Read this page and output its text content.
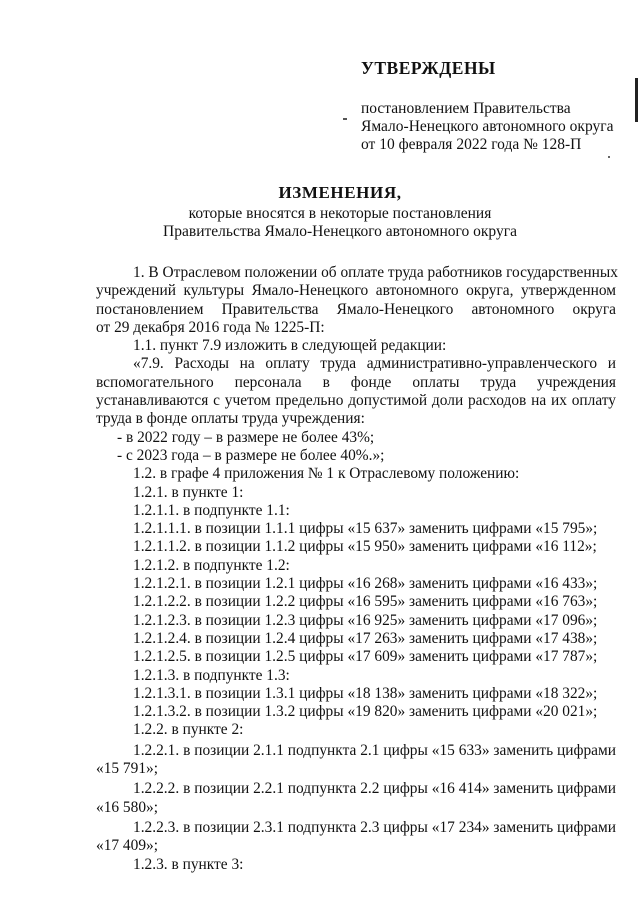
УТВЕРЖДЕНЫ
постановлением Правительства
Ямало-Ненецкого автономного округа
от 10 февраля 2022 года № 128-П
ИЗМЕНЕНИЯ,
которые вносятся в некоторые постановления
Правительства Ямало-Ненецкого автономного округа
1. В Отраслевом положении об оплате труда работников государственных
учреждений культуры Ямало-Ненецкого автономного округа, утвержденном
постановлением Правительства Ямало-Ненецкого автономного округа
от 29 декабря 2016 года № 1225-П:
1.1. пункт 7.9 изложить в следующей редакции:
«7.9. Расходы на оплату труда административно-управленческого и
вспомогательного персонала в фонде оплаты труда учреждения
устанавливаются с учетом предельно допустимой доли расходов на их оплату
труда в фонде оплаты труда учреждения:
- в 2022 году – в размере не более 43%;
- с 2023 года – в размере не более 40%.»;
1.2. в графе 4 приложения № 1 к Отраслевому положению:
1.2.1. в пункте 1:
1.2.1.1. в подпункте 1.1:
1.2.1.1.1. в позиции 1.1.1 цифры «15 637» заменить цифрами «15 795»;
1.2.1.1.2. в позиции 1.1.2 цифры «15 950» заменить цифрами «16 112»;
1.2.1.2. в подпункте 1.2:
1.2.1.2.1. в позиции 1.2.1 цифры «16 268» заменить цифрами «16 433»;
1.2.1.2.2. в позиции 1.2.2 цифры «16 595» заменить цифрами «16 763»;
1.2.1.2.3. в позиции 1.2.3 цифры «16 925» заменить цифрами «17 096»;
1.2.1.2.4. в позиции 1.2.4 цифры «17 263» заменить цифрами «17 438»;
1.2.1.2.5. в позиции 1.2.5 цифры «17 609» заменить цифрами «17 787»;
1.2.1.3. в подпункте 1.3:
1.2.1.3.1. в позиции 1.3.1 цифры «18 138» заменить цифрами «18 322»;
1.2.1.3.2. в позиции 1.3.2 цифры «19 820» заменить цифрами «20 021»;
1.2.2. в пункте 2:
1.2.2.1. в позиции 2.1.1 подпункта 2.1 цифры «15 633» заменить цифрами
«15 791»;
1.2.2.2. в позиции 2.2.1 подпункта 2.2 цифры «16 414» заменить цифрами
«16 580»;
1.2.2.3. в позиции 2.3.1 подпункта 2.3 цифры «17 234» заменить цифрами
«17 409»;
1.2.3. в пункте 3:
